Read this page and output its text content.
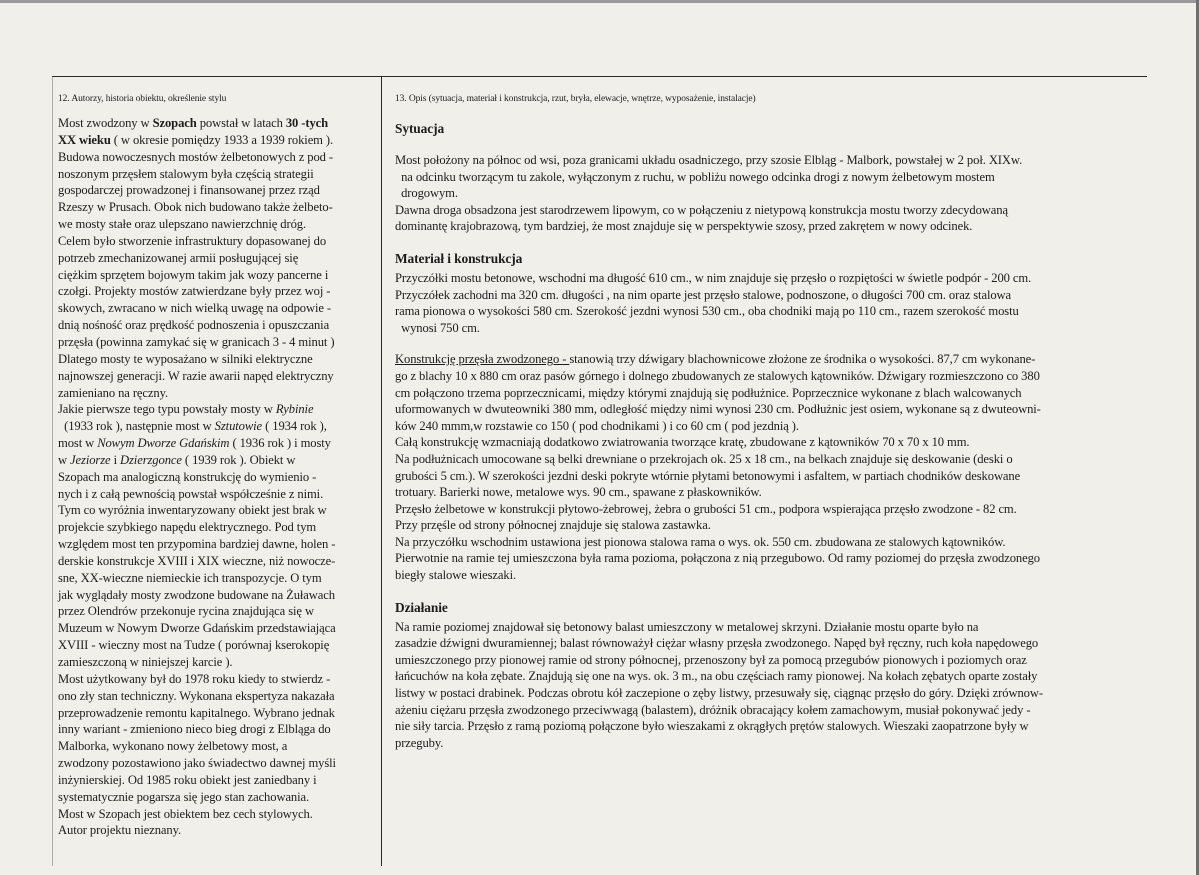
12. Autorzy, historia obiektu, określenie stylu	13. Opis (sytuacja, materiał i konstrukcja, rzut, bryła, elewacje, wnętrze, wyposażenie, instalacje)

Most zwodzony w Szopach powstał w latach 30 -tych

XX wieku ( w okresie pomiędzy 1933 a 1939 rokiem ).

Budowa nowoczesnych mostów żelbetonowych z pod -

noszonym przęsłem stalowym była częścią strategii

gospodarczej prowadzonej i finansowanej przez rząd

Rzeszy w Prusach. Obok nich budowano także żelbeto-

we mosty stałe oraz ulepszano nawierzchnię dróg.

Celem było stworzenie infrastruktury dopasowanej do

potrzeb zmechanizowanej armii posługującej się

ciężkim sprzętem bojowym takim jak wozy pancerne i

czołgi. Projekty mostów zatwierdzane były przez woj -

skowych, zwracano w nich wielką uwagę na odpowie -

dnią nośność oraz prędkość podnoszenia i opuszczania

przęsła (powinna zamykać się w granicach 3 - 4 minut )

Dlatego mosty te wyposażano w silniki elektryczne

najnowszej generacji. W razie awarii napęd elektryczny

zamieniano na ręczny.

Jakie pierwsze tego typu powstały mosty w Rybinie

(1933 rok ), następnie most w Sztutowie ( 1934 rok ),

most w Nowym Dworze Gdańskim ( 1936 rok ) i mosty

w Jeziorze i Dzierzgonce ( 1939 rok ). Obiekt w

Szopach ma analogiczną konstrukcję do wymienio -

nych i z całą pewnością powstał współcześnie z nimi.

Tym co wyróżnia inwentaryzowany obiekt jest brak w

projekcie szybkiego napędu elektrycznego. Pod tym

względem most ten przypomina bardziej dawne, holen -

derskie konstrukcje XVIII i XIX wieczne, niż nowocze-

sne, XX-wieczne niemieckie ich transpozycje. O tym

jak wyglądały mosty zwodzone budowane na Żuławach

przez Olendrów przekonuje rycina znajdująca się w

Muzeum w Nowym Dworze Gdańskim przedstawiająca

XVIII - wieczny most na Tudze ( porównaj kserokopię

zamieszczoną w niniejszej karcie ).

Most użytkowany był do 1978 roku kiedy to stwierdz -

ono zły stan techniczny. Wykonana ekspertyza nakazała

przeprowadzenie remontu kapitalnego. Wybrano jednak

inny wariant - zmieniono nieco bieg drogi z Elbląga do

Malborka, wykonano nowy żelbetowy most, a

zwodzony pozostawiono jako świadectwo dawnej myśli

inżynierskiej. Od 1985 roku obiekt jest zaniedbany i

systematycznie pogarsza się jego stan zachowania.

Most w Szopach jest obiektem bez cech stylowych.

Autor projektu nieznany.

Sytuacja

Most położony na północ od wsi, poza granicami układu osadniczego, przy szosie Elbląg - Malbork, powstałej w 2 poł. XIXw.

na odcinku tworzącym tu zakole, wyłączonym z ruchu, w pobliżu nowego odcinka drogi z nowym żelbetowym mostem

drogowym.

Dawna droga obsadzona jest starodrzewem lipowym, co w połączeniu z nietypową konstrukcja mostu tworzy zdecydowaną

dominantę krajobrazową, tym bardziej, że most znajduje się w perspektywie szosy, przed zakrętem w nowy odcinek.

Materiał i konstrukcja

Przyczółki mostu betonowe, wschodni ma długość 610 cm., w nim znajduje się przęsło o rozpiętości w świetle podpór - 200 cm.

Przyczółek zachodni ma 320 cm. długości , na nim oparte jest przęsło stalowe, podnoszone, o długości 700 cm. oraz stalowa

rama pionowa o wysokości 580 cm. Szerokość jezdni wynosi 530 cm., oba chodniki mają po 110 cm., razem szerokość mostu

wynosi 750 cm.

Konstrukcję przęsła zwodzonego - stanowią trzy dźwigary blachownicowe złożone ze środnika o wysokości. 87,7 cm wykonane-

go z blachy 10 x 880 cm oraz pasów górnego i dolnego zbudowanych ze stalowych kątowników. Dźwigary rozmieszczono co 380

cm połączono trzema poprzecznicami, między którymi znajdują się podłużnice. Poprzecznice wykonane z blach walcowanych

uformowanych w dwuteowniki 380 mm, odległość między nimi wynosi 230 cm. Podłużnic jest osiem, wykonane są z dwuteowni-

ków 240 mmm,w rozstawie co 150 ( pod chodnikami ) i co 60 cm ( pod jezdnią ).

Całą konstrukcję wzmacniają dodatkowo zwiatrowania tworzące kratę, zbudowane z kątowników 70 x 70 x 10 mm.

Na podłużnicach umocowane są belki drewniane o przekrojach ok. 25 x 18 cm., na belkach znajduje się deskowanie (deski o

grubości 5 cm.). W szerokości jezdni deski pokryte wtórnie płytami betonowymi i asfaltem, w partiach chodników deskowane

trotuary. Barierki nowe, metalowe wys. 90 cm., spawane z płaskowników.

Przęsło żelbetowe w konstrukcji płytowo-żebrowej, żebra o grubości 51 cm., podpora wspierająca przęsło zwodzone - 82 cm.

Przy przęśle od strony północnej znajduje się stalowa zastawka.

Na przyczółku wschodnim ustawiona jest pionowa stalowa rama o wys. ok. 550 cm. zbudowana ze stalowych kątowników.

Pierwotnie na ramie tej umieszczona była rama pozioma, połączona z nią przegubowo. Od ramy poziomej do przęsła zwodzonego

biegły stalowe wieszaki.

Działanie

Na ramie poziomej znajdował się betonowy balast umieszczony w metalowej skrzyni. Działanie mostu oparte było na

zasadzie dźwigni dwuramiennej; balast równoważył ciężar własny przęsła zwodzonego. Napęd był ręczny, ruch koła napędowego

umieszczonego przy pionowej ramie od strony północnej, przenoszony był za pomocą przegubów pionowych i poziomych oraz

łańcuchów na koła zębate. Znajdują się one na wys. ok. 3 m., na obu częściach ramy pionowej. Na kołach zębatych oparte zostały

listwy w postaci drabinek. Podczas obrotu kół zaczepione o zęby listwy, przesuwały się, ciągnąc przęsło do góry. Dzięki zrównow-

ażeniu ciężaru przęsła zwodzonego przeciwwagą (balastem), dróżnik obracający kołem zamachowym, musiał pokonywać jedy -

nie siły tarcia. Przęsło z ramą poziomą połączone było wieszakami z okrągłych prętów stalowych. Wieszaki zaopatrzone były w

przeguby.
